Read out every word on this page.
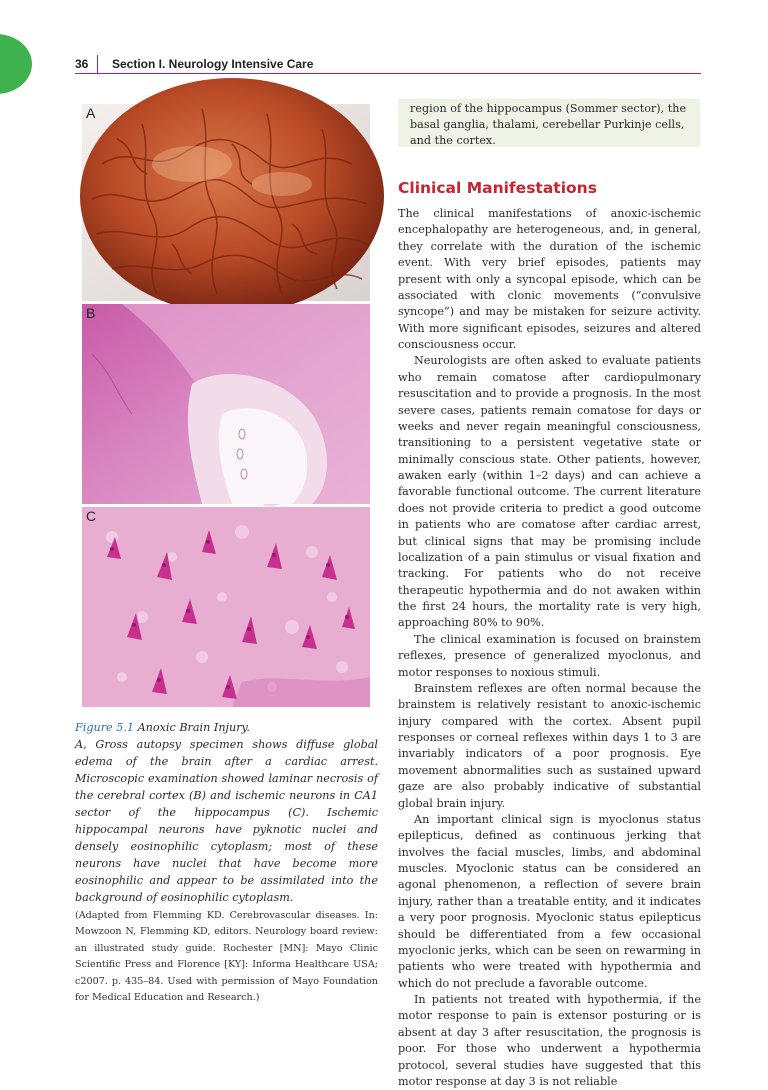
36 Section I. Neurology Intensive Care
A
B
C
Figure 5.1 Anoxic Brain Injury.
A, Gross autopsy specimen shows diffuse global edema of the brain after a cardiac arrest. Microscopic examination showed laminar necrosis of the cerebral cortex (B) and ischemic neurons in CA1 sector of the hippocampus (C). Ischemic hippocampal neurons have pyknotic nuclei and densely eosinophilic cytoplasm; most of these neurons have nuclei that have become more eosinophilic and appear to be assimilated into the background of eosinophilic cytoplasm.
(Adapted from Flemming KD. Cerebrovascular diseases. In: Mowzoon N, Flemming KD, editors. Neurology board review: an illustrated study guide. Rochester [MN]: Mayo Clinic Scientific Press and Florence [KY]: Informa Healthcare USA; c2007. p. 435–84. Used with permission of Mayo Foundation for Medical Education and Research.)
region of the hippocampus (Sommer sector), the basal ganglia, thalami, cerebellar Purkinje cells, and the cortex.
Clinical Manifestations

The clinical manifestations of anoxic-ischemic encephalopathy are heterogeneous, and, in general, they correlate with the duration of the ischemic event. With very brief episodes, patients may present with only a syncopal episode, which can be associated with clonic movements (“convulsive syncope”) and may be mistaken for seizure activity. With more significant episodes, seizures and altered consciousness occur.

Neurologists are often asked to evaluate patients who remain comatose after cardiopulmonary resuscitation and to provide a prognosis. In the most severe cases, patients remain comatose for days or weeks and never regain meaningful consciousness, transitioning to a persistent vegetative state or minimally conscious state. Other patients, however, awaken early (within 1–2 days) and can achieve a favorable functional outcome. The current literature does not provide criteria to predict a good outcome in patients who are comatose after cardiac arrest, but clinical signs that may be promising include localization of a pain stimulus or visual fixation and tracking. For patients who do not receive therapeutic hypothermia and do not awaken within the first 24 hours, the mortality rate is very high, approaching 80% to 90%.

The clinical examination is focused on brainstem reflexes, presence of generalized myoclonus, and motor responses to noxious stimuli.

Brainstem reflexes are often normal because the brainstem is relatively resistant to anoxic-ischemic injury compared with the cortex. Absent pupil responses or corneal reflexes within days 1 to 3 are invariably indicators of a poor prognosis. Eye movement abnormalities such as sustained upward gaze are also probably indicative of substantial global brain injury.

An important clinical sign is myoclonus status epilepticus, defined as continuous jerking that involves the facial muscles, limbs, and abdominal muscles. Myoclonic status can be considered an agonal phenomenon, a reflection of severe brain injury, rather than a treatable entity, and it indicates a very poor prognosis. Myoclonic status epilepticus should be differentiated from a few occasional myoclonic jerks, which can be seen on rewarming in patients who were treated with hypothermia and which do not preclude a favorable outcome.

In patients not treated with hypothermia, if the motor response to pain is extensor posturing or is absent at day 3 after resuscitation, the prognosis is poor. For those who underwent a hypothermia protocol, several studies have suggested that this motor response at day 3 is not reliable
